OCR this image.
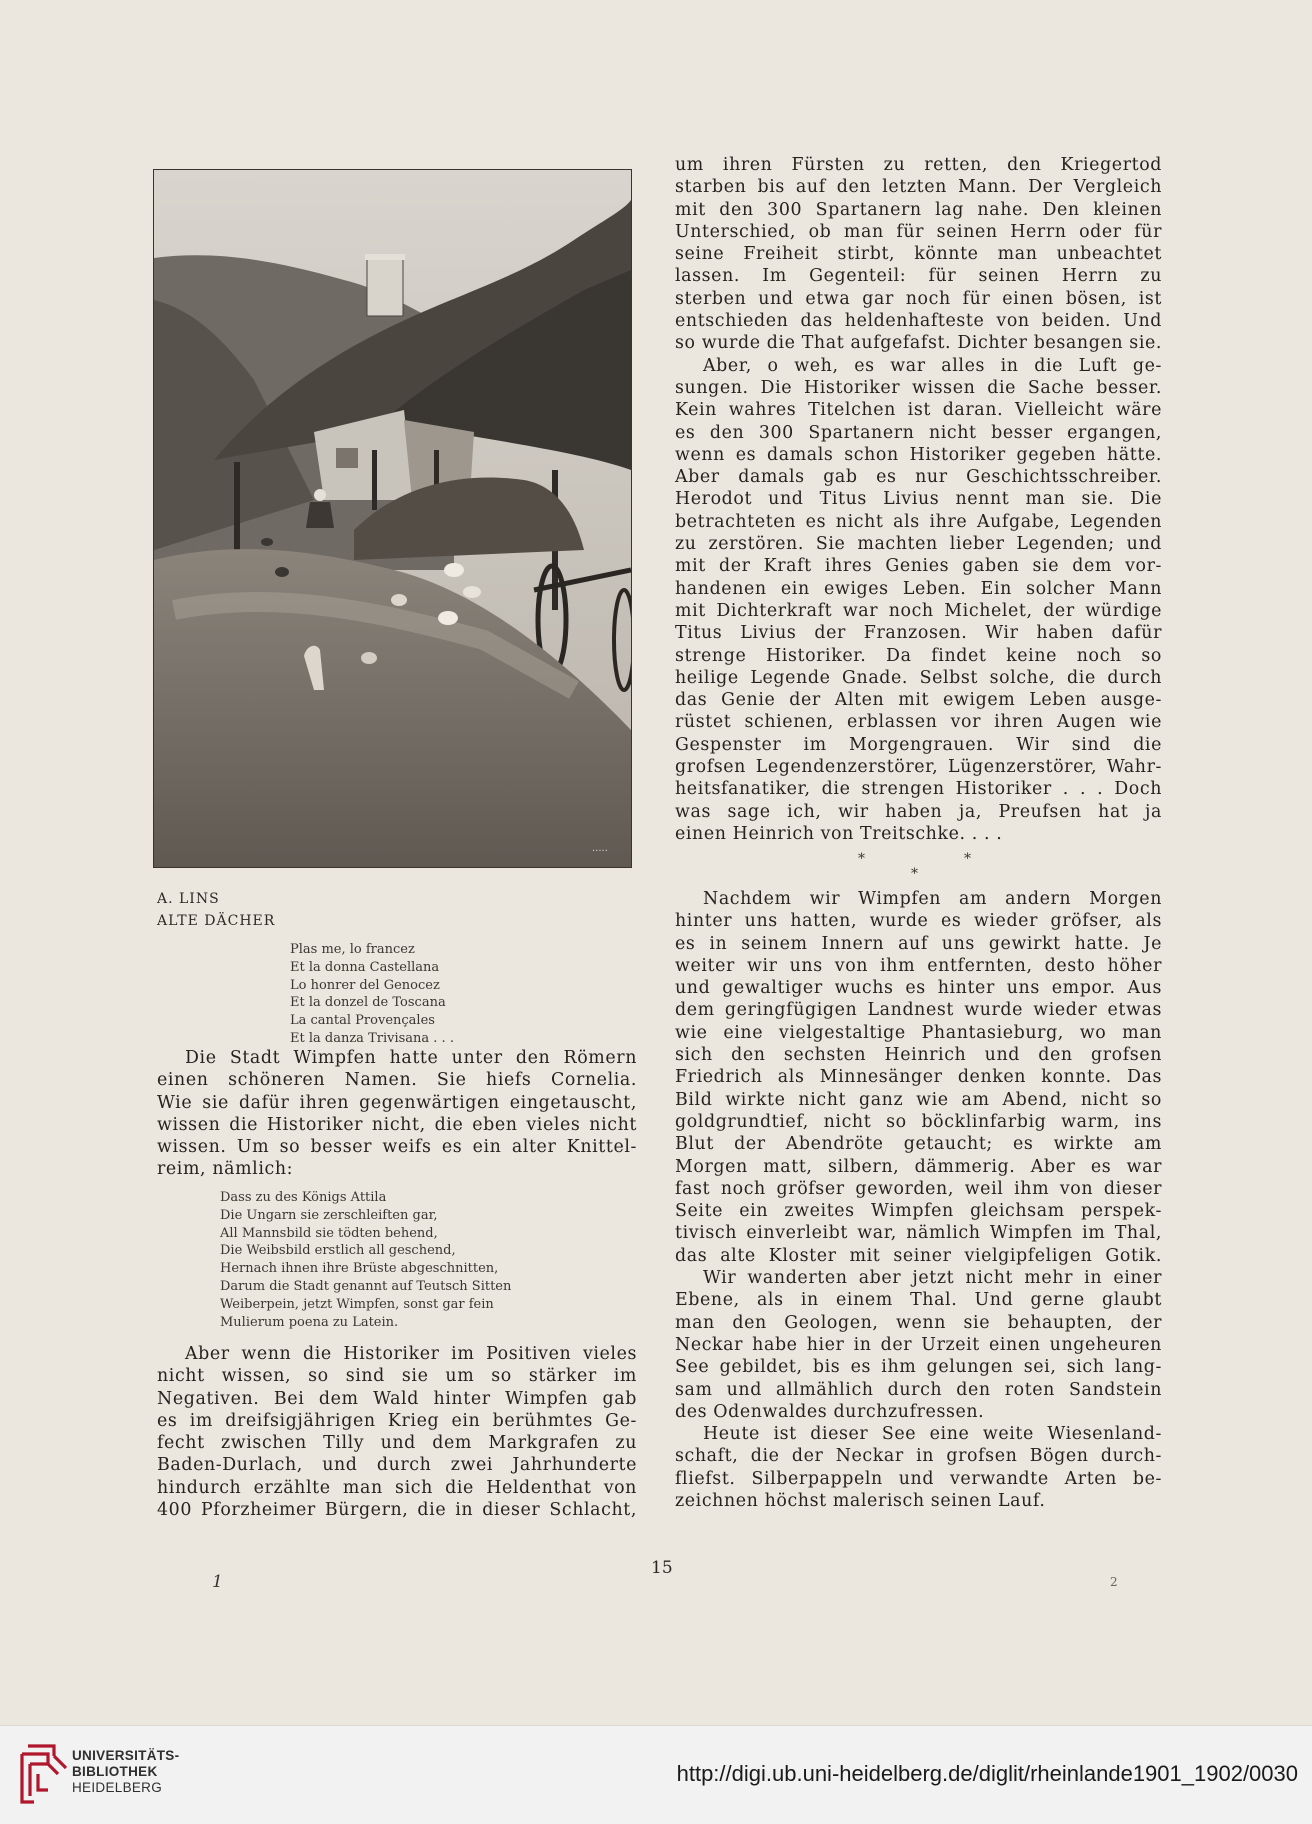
·····
A. LINS
ALTE DÄCHER
Plas me, lo francez
Et la donna Castellana
Lo honrer del Genocez
Et la donzel de Toscana
La cantal Provençales
Et la danza Trivisana . . .
Die Stadt Wimpfen hatte unter den Römern
einen schöneren Namen. Sie hiefs Cornelia.
Wie sie dafür ihren gegenwärtigen eingetauscht,
wissen die Historiker nicht, die eben vieles nicht
wissen. Um so besser weifs es ein alter Knittel-
reim, nämlich:
Dass zu des Königs Attila
Die Ungarn sie zerschleiften gar,
All Mannsbild sie tödten behend,
Die Weibsbild erstlich all geschend,
Hernach ihnen ihre Brüste abgeschnitten,
Darum die Stadt genannt auf Teutsch Sitten
Weiberpein, jetzt Wimpfen, sonst gar fein
Mulierum poena zu Latein.
Aber wenn die Historiker im Positiven vieles
nicht wissen, so sind sie um so stärker im
Negativen. Bei dem Wald hinter Wimpfen gab
es im dreifsigjährigen Krieg ein berühmtes Ge-
fecht zwischen Tilly und dem Markgrafen zu
Baden-Durlach, und durch zwei Jahrhunderte
hindurch erzählte man sich die Heldenthat von
400 Pforzheimer Bürgern, die in dieser Schlacht,
um ihren Fürsten zu retten, den Kriegertod
starben bis auf den letzten Mann. Der Vergleich
mit den 300 Spartanern lag nahe. Den kleinen
Unterschied, ob man für seinen Herrn oder für
seine Freiheit stirbt, könnte man unbeachtet
lassen. Im Gegenteil: für seinen Herrn zu
sterben und etwa gar noch für einen bösen, ist
entschieden das heldenhafteste von beiden. Und
so wurde die That aufgefafst. Dichter besangen sie.
Aber, o weh, es war alles in die Luft ge-
sungen. Die Historiker wissen die Sache besser.
Kein wahres Titelchen ist daran. Vielleicht wäre
es den 300 Spartanern nicht besser ergangen,
wenn es damals schon Historiker gegeben hätte.
Aber damals gab es nur Geschichtsschreiber.
Herodot und Titus Livius nennt man sie. Die
betrachteten es nicht als ihre Aufgabe, Legenden
zu zerstören. Sie machten lieber Legenden; und
mit der Kraft ihres Genies gaben sie dem vor-
handenen ein ewiges Leben. Ein solcher Mann
mit Dichterkraft war noch Michelet, der würdige
Titus Livius der Franzosen. Wir haben dafür
strenge Historiker. Da findet keine noch so
heilige Legende Gnade. Selbst solche, die durch
das Genie der Alten mit ewigem Leben ausge-
rüstet schienen, erblassen vor ihren Augen wie
Gespenster im Morgengrauen. Wir sind die
grofsen Legendenzerstörer, Lügenzerstörer, Wahr-
heitsfanatiker, die strengen Historiker . . . Doch
was sage ich, wir haben ja, Preufsen hat ja
einen Heinrich von Treitschke. . . .
*	*
*
Nachdem wir Wimpfen am andern Morgen
hinter uns hatten, wurde es wieder gröfser, als
es in seinem Innern auf uns gewirkt hatte. Je
weiter wir uns von ihm entfernten, desto höher
und gewaltiger wuchs es hinter uns empor. Aus
dem geringfügigen Landnest wurde wieder etwas
wie eine vielgestaltige Phantasieburg, wo man
sich den sechsten Heinrich und den grofsen
Friedrich als Minnesänger denken konnte. Das
Bild wirkte nicht ganz wie am Abend, nicht so
goldgrundtief, nicht so böcklinfarbig warm, ins
Blut der Abendröte getaucht; es wirkte am
Morgen matt, silbern, dämmerig. Aber es war
fast noch gröfser geworden, weil ihm von dieser
Seite ein zweites Wimpfen gleichsam perspek-
tivisch einverleibt war, nämlich Wimpfen im Thal,
das alte Kloster mit seiner vielgipfeligen Gotik.
Wir wanderten aber jetzt nicht mehr in einer
Ebene, als in einem Thal. Und gerne glaubt
man den Geologen, wenn sie behaupten, der
Neckar habe hier in der Urzeit einen ungeheuren
See gebildet, bis es ihm gelungen sei, sich lang-
sam und allmählich durch den roten Sandstein
des Odenwaldes durchzufressen.
Heute ist dieser See eine weite Wiesenland-
schaft, die der Neckar in grofsen Bögen durch-
fliefst. Silberpappeln und verwandte Arten be-
zeichnen höchst malerisch seinen Lauf.
15
1	2
UNIVERSITÄTS-
BIBLIOTHEK
HEIDELBERG
http://digi.ub.uni-heidelberg.de/diglit/rheinlande1901_1902/0030
